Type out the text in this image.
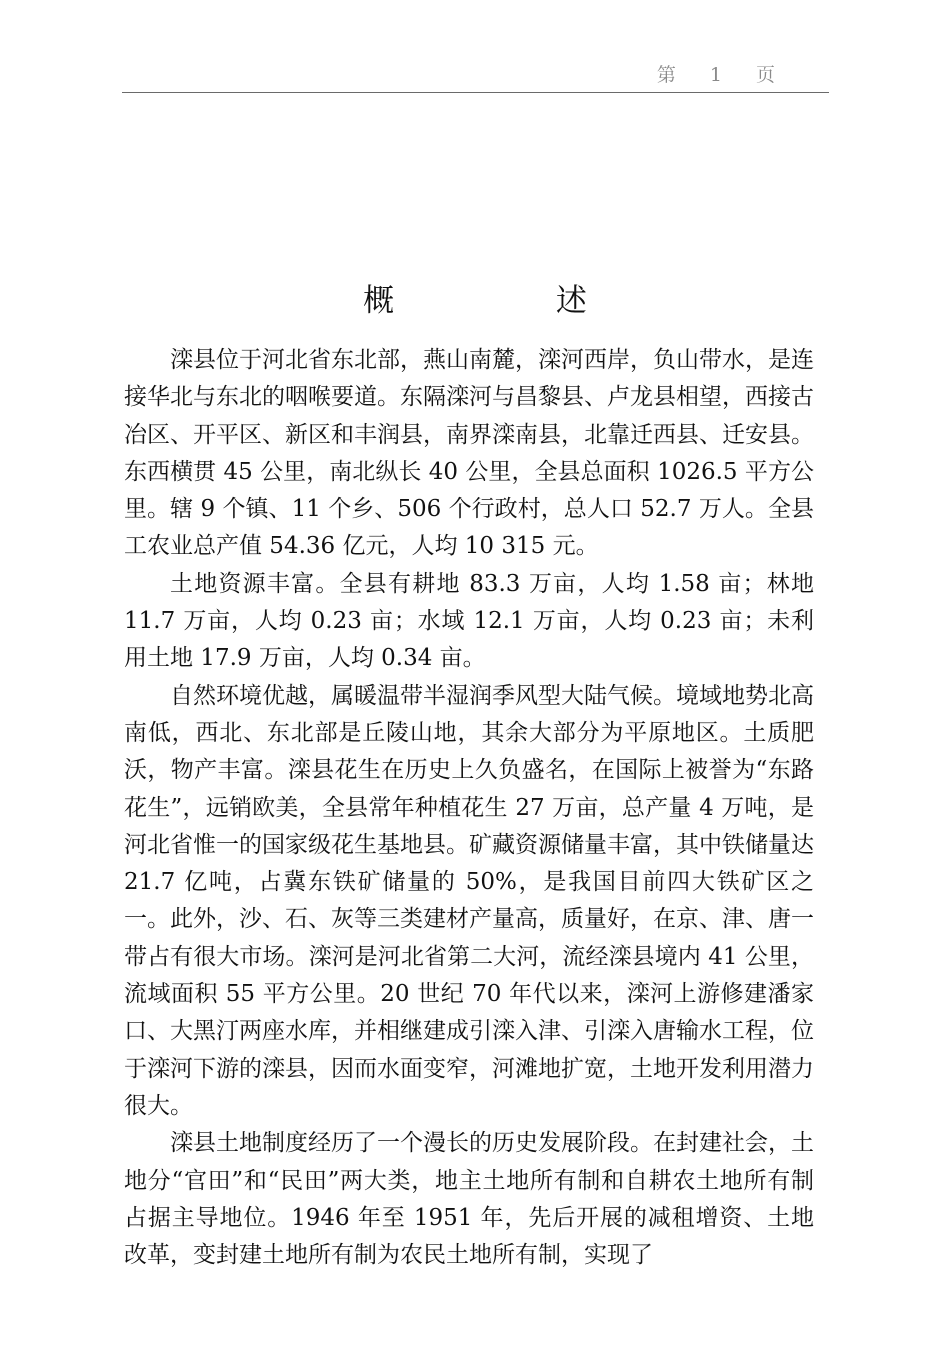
第 1 页
概 述

滦县位于河北省东北部，燕山南麓，滦河西岸，负山带水，是连接华北与东北的咽喉要道。东隔滦河与昌黎县、卢龙县相望，西接古冶区、开平区、新区和丰润县，南界滦南县，北靠迁西县、迁安县。东西横贯 45 公里，南北纵长 40 公里，全县总面积 1026.5 平方公里。辖 9 个镇、11 个乡、506 个行政村，总人口 52.7 万人。全县工农业总产值 54.36 亿元，人均 10 315 元。

土地资源丰富。全县有耕地 83.3 万亩，人均 1.58 亩；林地 11.7 万亩，人均 0.23 亩；水域 12.1 万亩，人均 0.23 亩；未利用土地 17.9 万亩，人均 0.34 亩。

自然环境优越，属暖温带半湿润季风型大陆气候。境域地势北高南低，西北、东北部是丘陵山地，其余大部分为平原地区。土质肥沃，物产丰富。滦县花生在历史上久负盛名，在国际上被誉为“东路花生”，远销欧美，全县常年种植花生 27 万亩，总产量 4 万吨，是河北省惟一的国家级花生基地县。矿藏资源储量丰富，其中铁储量达 21.7 亿吨，占冀东铁矿储量的 50%，是我国目前四大铁矿区之一。此外，沙、石、灰等三类建材产量高，质量好，在京、津、唐一带占有很大市场。滦河是河北省第二大河，流经滦县境内 41 公里，流域面积 55 平方公里。20 世纪 70 年代以来，滦河上游修建潘家口、大黑汀两座水库，并相继建成引滦入津、引滦入唐输水工程，位于滦河下游的滦县，因而水面变窄，河滩地扩宽，土地开发利用潜力很大。

滦县土地制度经历了一个漫长的历史发展阶段。在封建社会，土地分“官田”和“民田”两大类，地主土地所有制和自耕农土地所有制占据主导地位。1946 年至 1951 年，先后开展的减租增资、土地改革，变封建土地所有制为农民土地所有制，实现了
